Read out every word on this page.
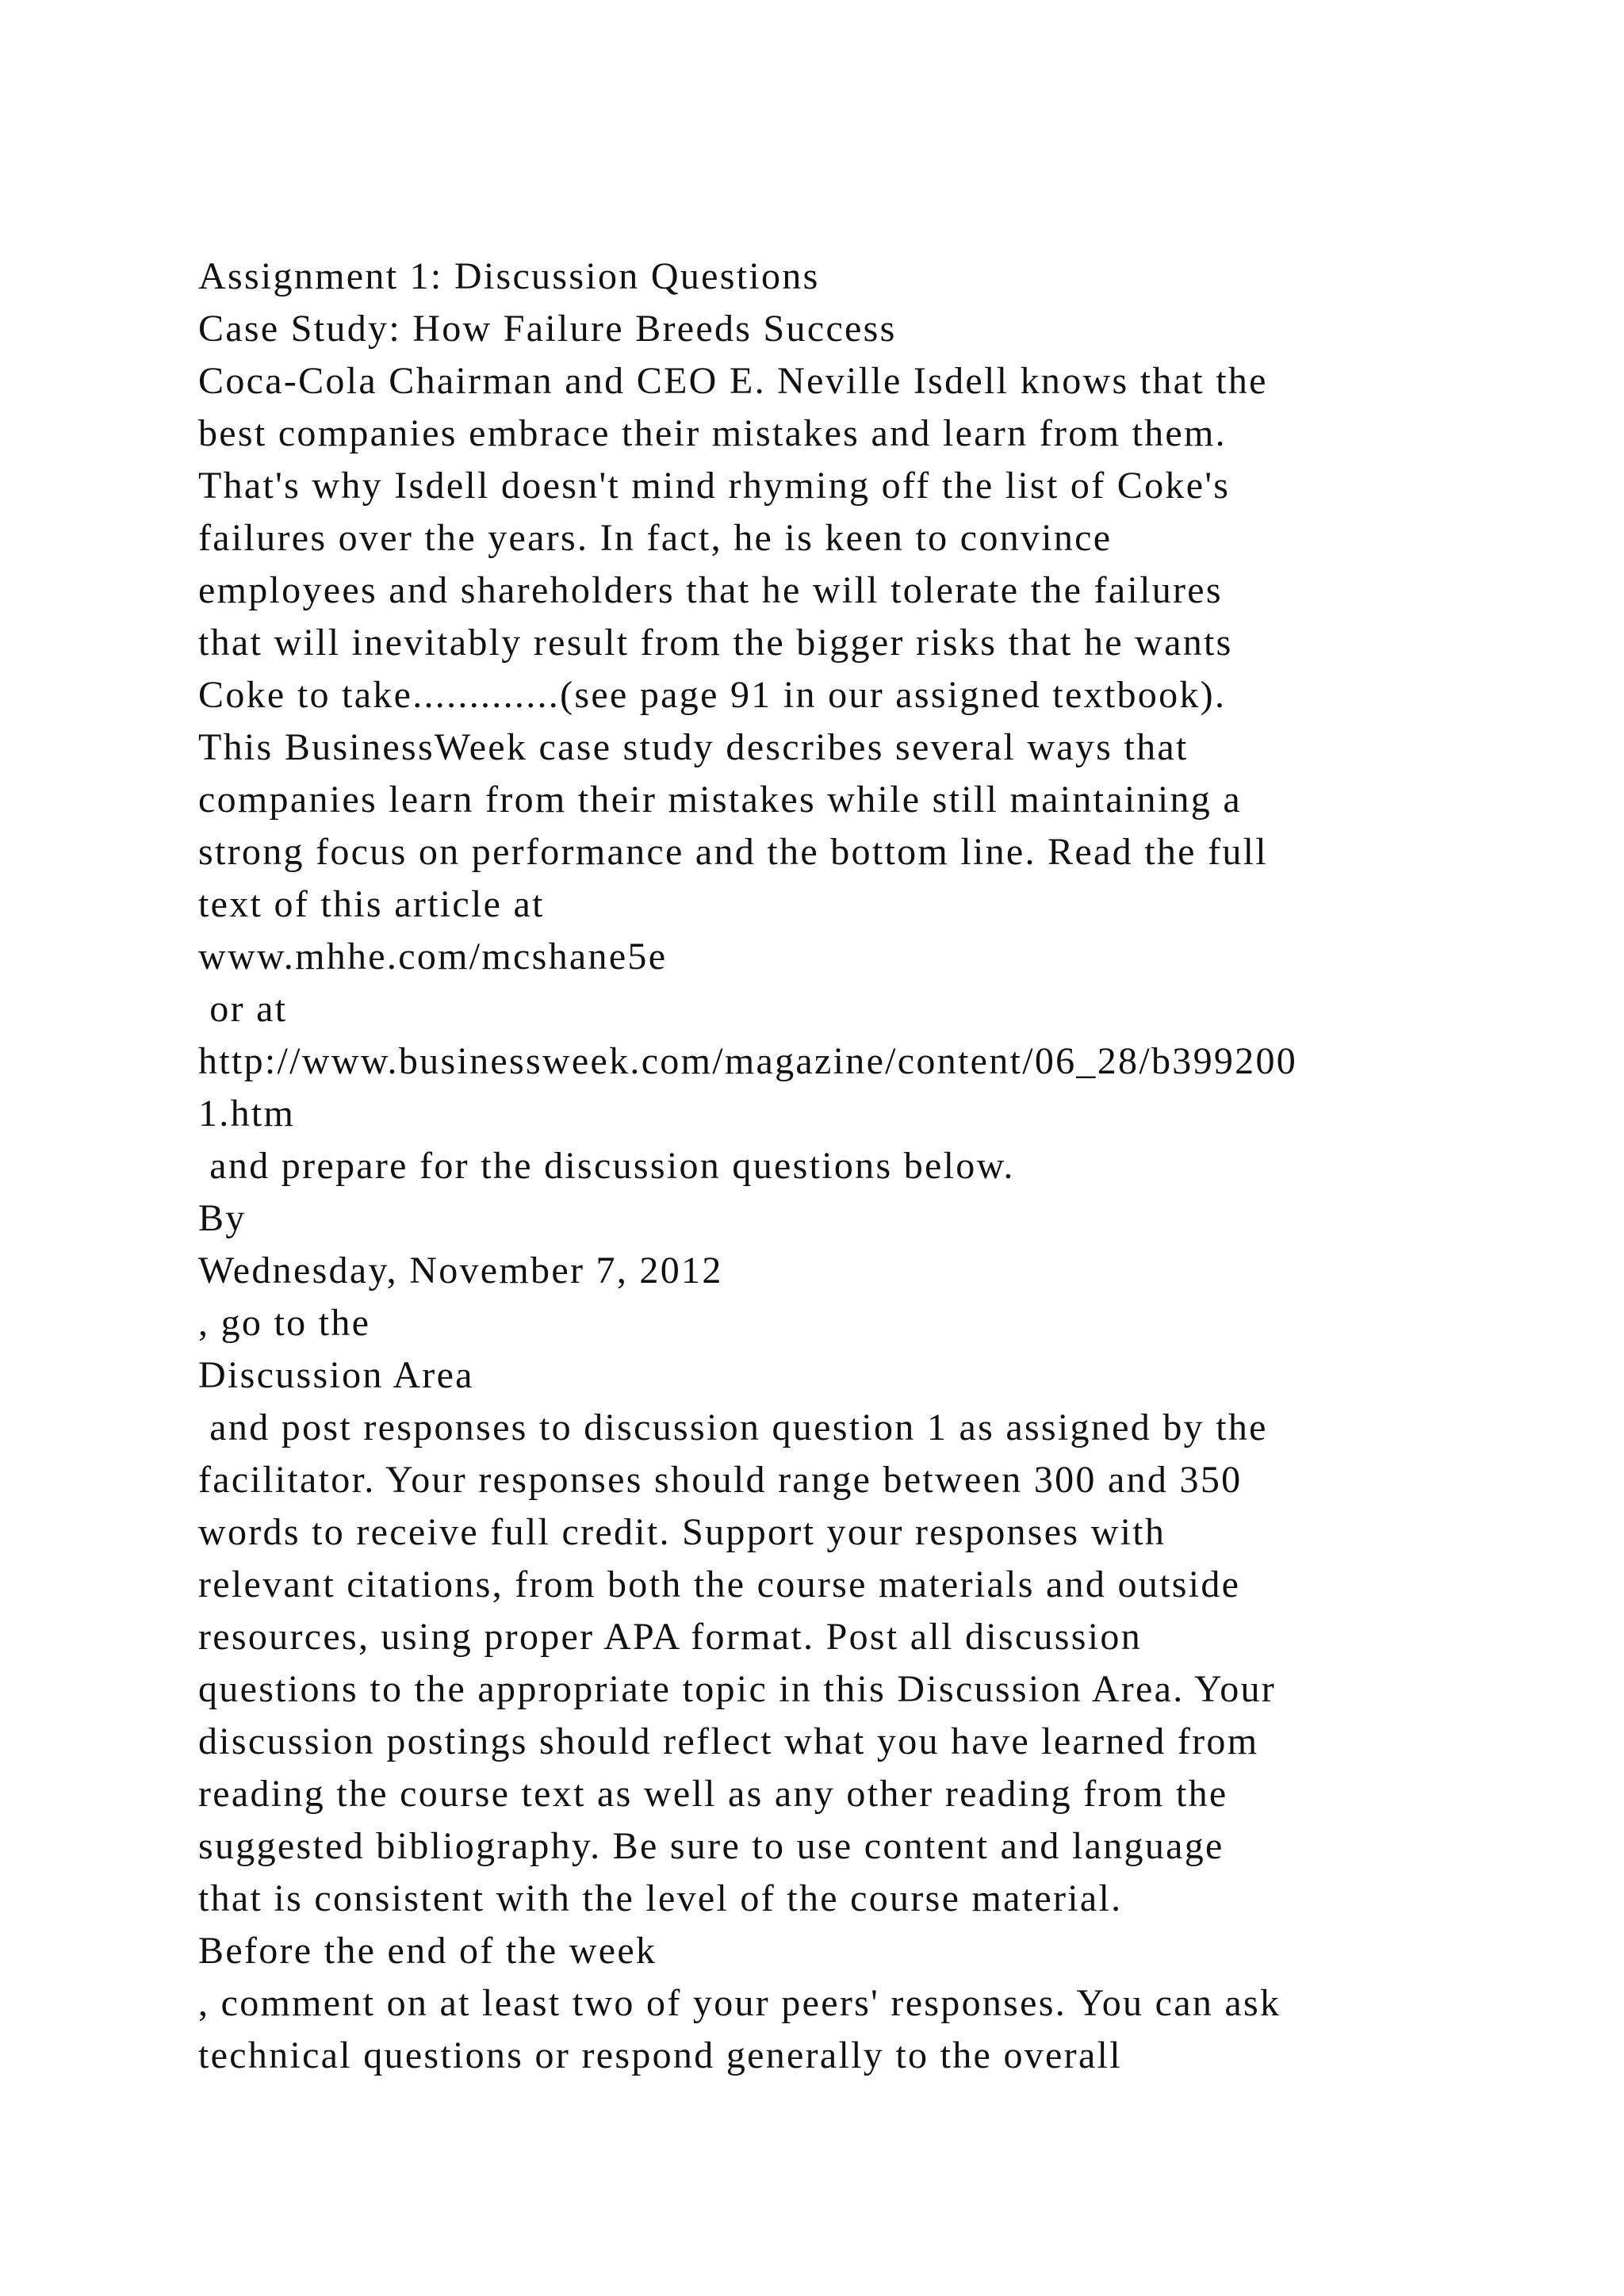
Assignment 1: Discussion Questions
Case Study: How Failure Breeds Success
Coca-Cola Chairman and CEO E. Neville Isdell knows that the
best companies embrace their mistakes and learn from them.
That's why Isdell doesn't mind rhyming off the list of Coke's
failures over the years. In fact, he is keen to convince
employees and shareholders that he will tolerate the failures
that will inevitably result from the bigger risks that he wants
Coke to take.............(see page 91 in our assigned textbook).
This BusinessWeek case study describes several ways that
companies learn from their mistakes while still maintaining a
strong focus on performance and the bottom line. Read the full
text of this article at
www.mhhe.com/mcshane5e
or at
http://www.businessweek.com/magazine/content/06_28/b399200
1.htm
and prepare for the discussion questions below.
By
Wednesday, November 7, 2012
, go to the
Discussion Area
and post responses to discussion question 1 as assigned by the
facilitator. Your responses should range between 300 and 350
words to receive full credit. Support your responses with
relevant citations, from both the course materials and outside
resources, using proper APA format. Post all discussion
questions to the appropriate topic in this Discussion Area. Your
discussion postings should reflect what you have learned from
reading the course text as well as any other reading from the
suggested bibliography. Be sure to use content and language
that is consistent with the level of the course material.
Before the end of the week
, comment on at least two of your peers' responses. You can ask
technical questions or respond generally to the overall
